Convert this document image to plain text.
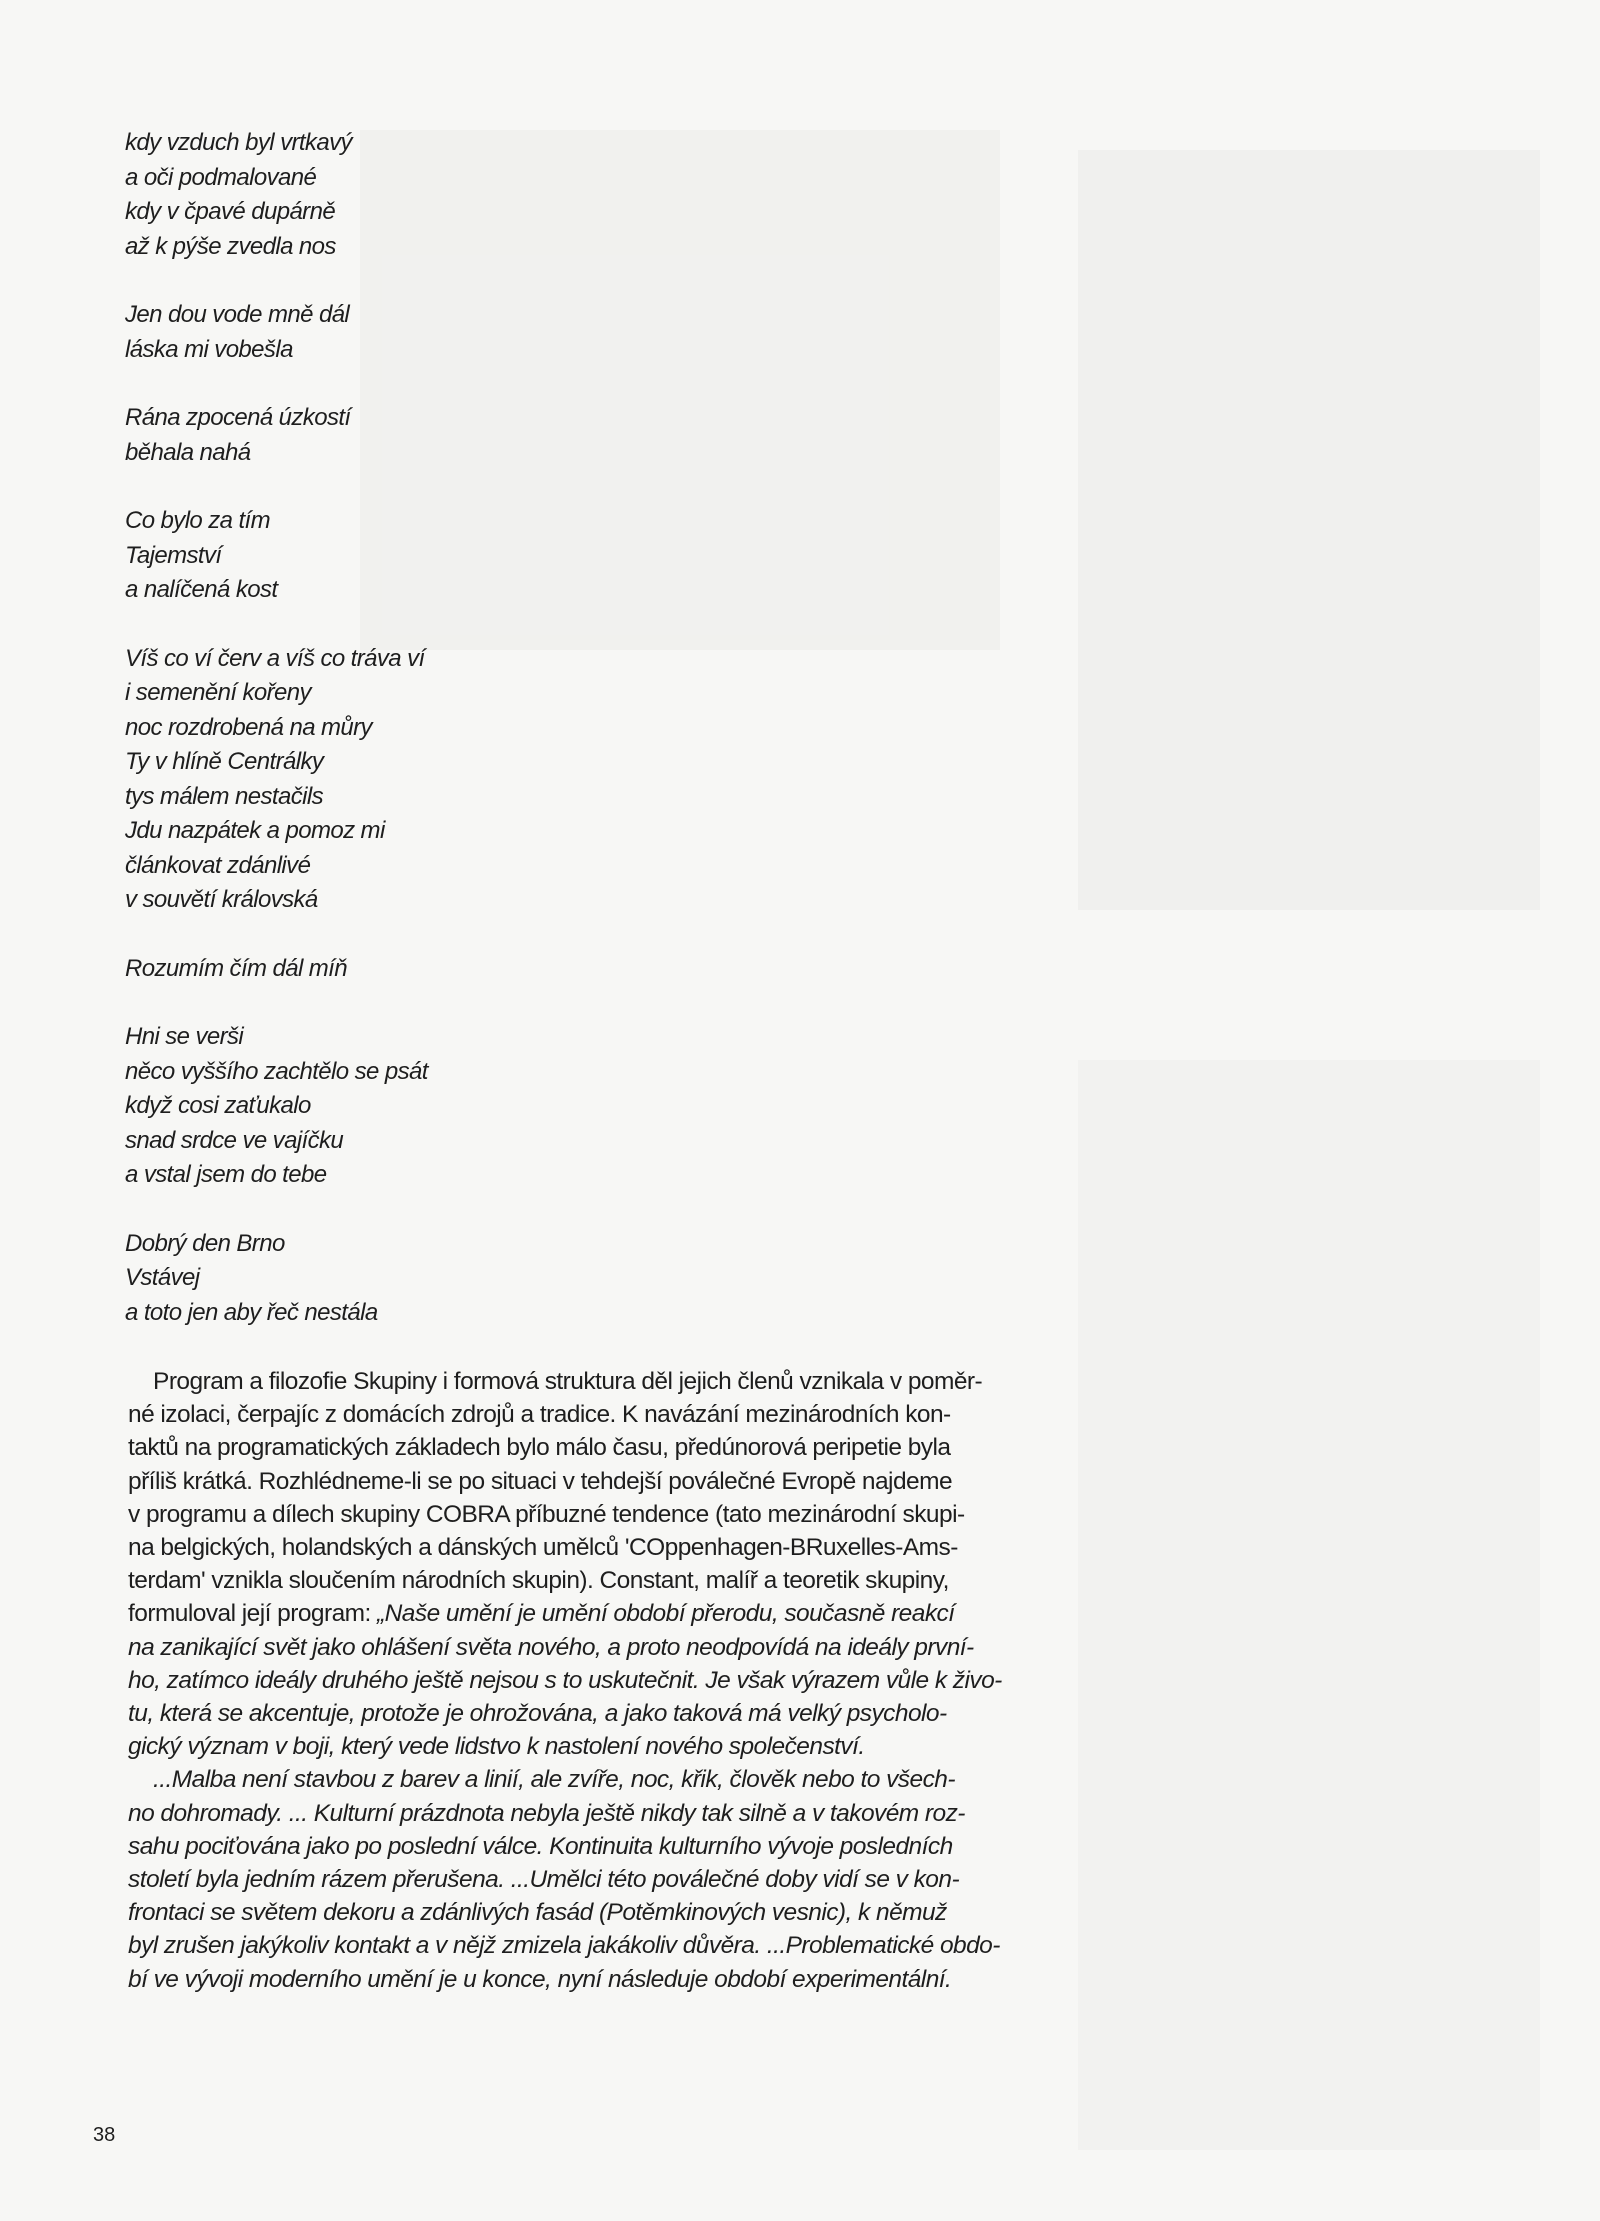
kdy vzduch byl vrtkavý
a oči podmalované
kdy v čpavé dupárně
až k pýše zvedla nos
Jen dou vode mně dál
láska mi vobešla
Rána zpocená úzkostí
běhala nahá
Co bylo za tím
Tajemství
a nalíčená kost
Víš co ví červ a víš co tráva ví
i semenění kořeny
noc rozdrobená na můry
Ty v hlíně Centrálky
tys málem nestačils
Jdu nazpátek a pomoz mi
článkovat zdánlivé
v souvětí královská
Rozumím čím dál míň
Hni se verši
něco vyššího zachtělo se psát
když cosi zaťukalo
snad srdce ve vajíčku
a vstal jsem do tebe
Dobrý den Brno
Vstávej
a toto jen aby řeč nestála
Program a filozofie Skupiny i formová struktura děl jejich členů vznikala v poměr-
né izolaci, čerpajíc z domácích zdrojů a tradice. K navázání mezinárodních kon-
taktů na programatických základech bylo málo času, předúnorová peripetie byla
příliš krátká. Rozhlédneme-li se po situaci v tehdejší poválečné Evropě najdeme
v programu a dílech skupiny COBRA příbuzné tendence (tato mezinárodní skupi-
na belgických, holandských a dánských umělců 'COppenhagen-BRuxelles-Ams-
terdam' vznikla sloučením národních skupin). Constant, malíř a teoretik skupiny,
formuloval její program: „Naše umění je umění období přerodu, současně reakcí
na zanikající svět jako ohlášení světa nového, a proto neodpovídá na ideály první-
ho, zatímco ideály druhého ještě nejsou s to uskutečnit. Je však výrazem vůle k živo-
tu, která se akcentuje, protože je ohrožována, a jako taková má velký psycholo-
gický význam v boji, který vede lidstvo k nastolení nového společenství.
...Malba není stavbou z barev a linií, ale zvíře, noc, křik, člověk nebo to všech-
no dohromady. ... Kulturní prázdnota nebyla ještě nikdy tak silně a v takovém roz-
sahu pociťována jako po poslední válce. Kontinuita kulturního vývoje posledních
století byla jedním rázem přerušena. ...Umělci této poválečné doby vidí se v kon-
frontaci se světem dekoru a zdánlivých fasád (Potěmkinových vesnic), k němuž
byl zrušen jakýkoliv kontakt a v nějž zmizela jakákoliv důvěra. ...Problematické obdo-
bí ve vývoji moderního umění je u konce, nyní následuje období experimentální.
38
